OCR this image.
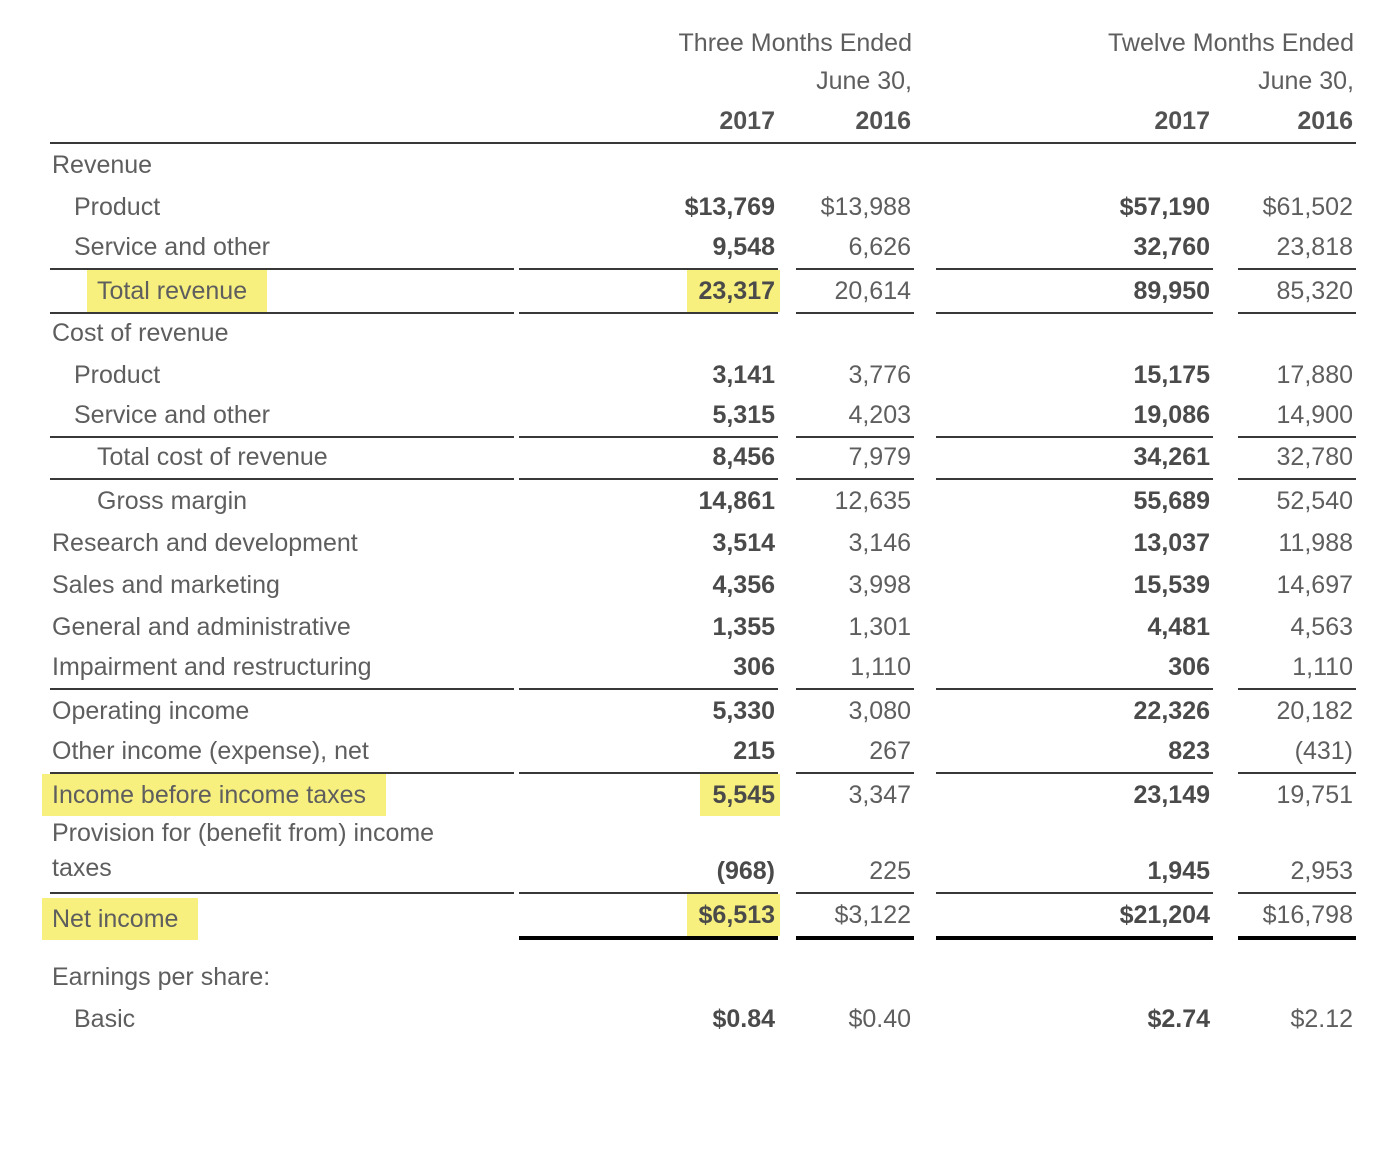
Three Months Ended	Twelve Months Ended
June 30,	June 30,
2017	2016	2017	2016
Revenue
Product	$13,769 $13,988	$57,190 $61,502
Service and other	9,548	6,626	32,760	23,818
Total revenue	23,317 20,614	89,950	85,320
Cost of revenue
Product	3,141	3,776	15,175	17,880
Service and other	5,315	4,203	19,086	14,900
Total cost of revenue	8,456	7,979	34,261	32,780
Gross margin	14,861 12,635	55,689	52,540
Research and development	3,514	3,146	13,037	11,988
Sales and marketing	4,356	3,998	15,539	14,697
General and administrative	1,355	1,301	4,481	4,563
Impairment and restructuring	306	1,110	306	1,110
Operating income	5,330	3,080	22,326	20,182
Other income (expense), net	215	267	823	(431)
Income before income taxes	5,545	3,347	23,149	19,751
Provision for (benefit from) income taxes	(968)	225	1,945	2,953
Net income	$6,513 $3,122	$21,204 $16,798
Earnings per share:
Basic	$0.84	$0.40	$2.74	$2.12
